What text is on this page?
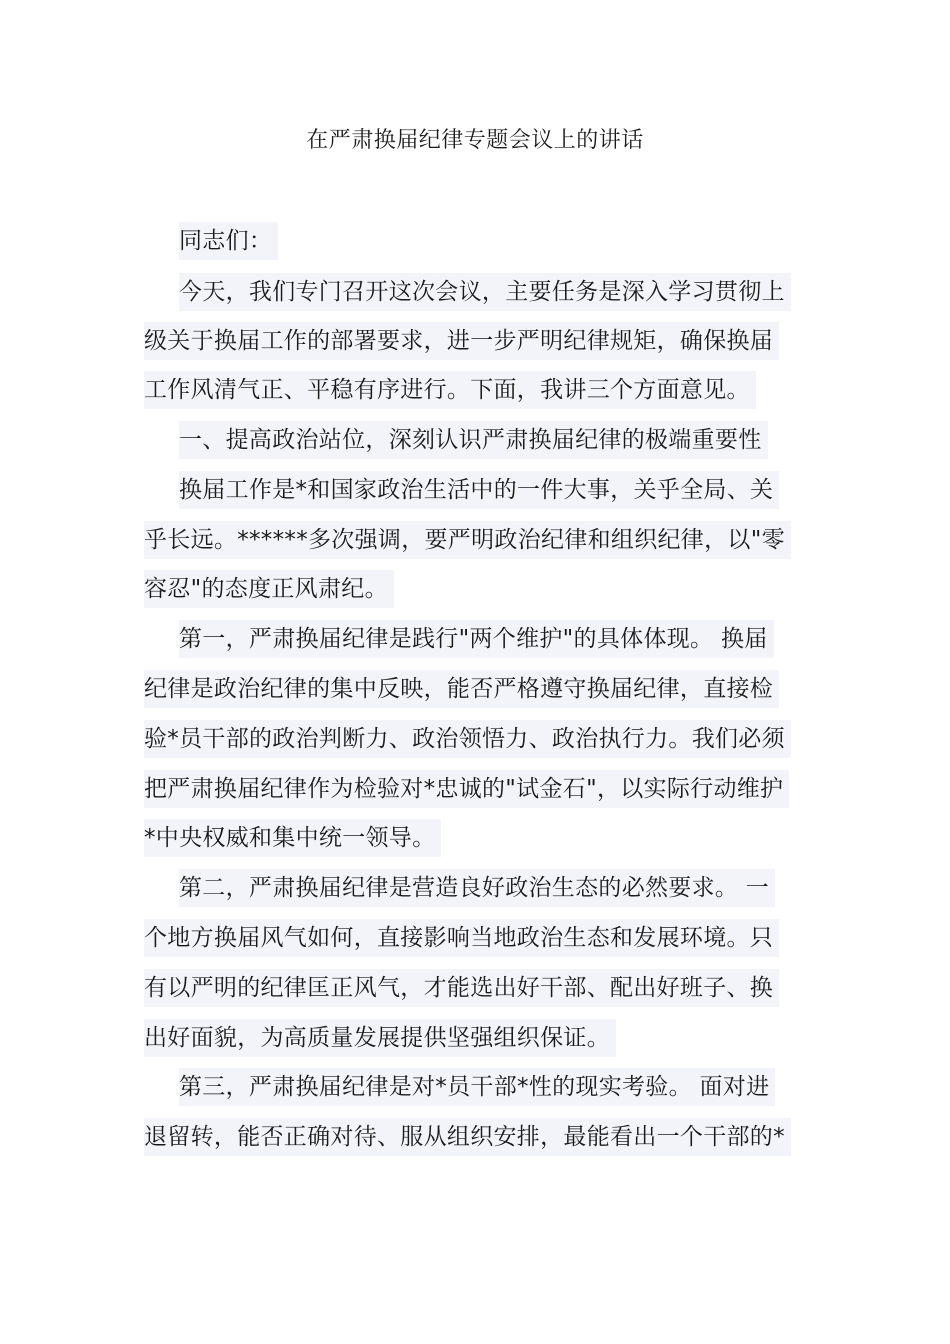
在严肃换届纪律专题会议上的讲话
同志们：
今天，我们专门召开这次会议，主要任务是深入学习贯彻上
级关于换届工作的部署要求，进一步严明纪律规矩，确保换届
工作风清气正、平稳有序进行。下面，我讲三个方面意见。
一、提高政治站位，深刻认识严肃换届纪律的极端重要性
换届工作是*和国家政治生活中的一件大事，关乎全局、关
乎长远。******多次强调，要严明政治纪律和组织纪律，以"零
容忍"的态度正风肃纪。
第一，严肃换届纪律是践行"两个维护"的具体体现。 换届
纪律是政治纪律的集中反映，能否严格遵守换届纪律，直接检
验*员干部的政治判断力、政治领悟力、政治执行力。我们必须
把严肃换届纪律作为检验对*忠诚的"试金石"，以实际行动维护
*中央权威和集中统一领导。
第二，严肃换届纪律是营造良好政治生态的必然要求。 一
个地方换届风气如何，直接影响当地政治生态和发展环境。只
有以严明的纪律匡正风气，才能选出好干部、配出好班子、换
出好面貌，为高质量发展提供坚强组织保证。
第三，严肃换届纪律是对*员干部*性的现实考验。 面对进
退留转，能否正确对待、服从组织安排，最能看出一个干部的*
